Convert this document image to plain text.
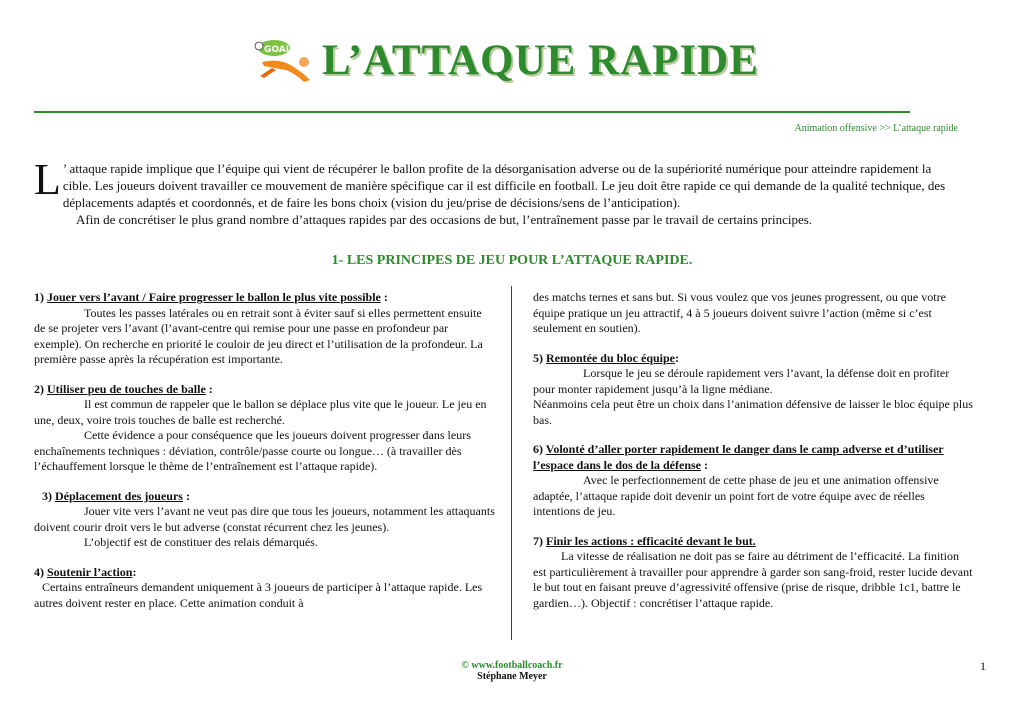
GOAL L’ATTAQUE RAPIDE
Animation offensive >> L’attaque rapide
L ’ attaque rapide implique que l’équipe qui vient de récupérer le ballon profite de la désorganisation adverse ou de la supériorité numérique pour atteindre rapidement la cible. Les joueurs doivent travailler ce mouvement de manière spécifique car il est difficile en football. Le jeu doit être rapide ce qui demande de la qualité technique, des déplacements adaptés et coordonnés, et de faire les bons choix (vision du jeu/prise de décisions/sens de l’anticipation).

Afin de concrétiser le plus grand nombre d’attaques rapides par des occasions de but, l’entraînement passe par le travail de certains principes.

1- LES PRINCIPES DE JEU POUR L’ATTAQUE RAPIDE.
1) Jouer vers l’avant / Faire progresser le ballon le plus vite possible :

Toutes les passes latérales ou en retrait sont à éviter sauf si elles permettent ensuite de se projeter vers l’avant (l’avant-centre qui remise pour une passe en profondeur par exemple). On recherche en priorité le couloir de jeu direct et l’utilisation de la profondeur. La première passe après la récupération est importante.

2) Utiliser peu de touches de balle :

Il est commun de rappeler que le ballon se déplace plus vite que le joueur. Le jeu en une, deux, voire trois touches de balle est recherché.

Cette évidence a pour conséquence que les joueurs doivent progresser dans leurs enchaînements techniques : déviation, contrôle/passe courte ou longue… (à travailler dès l’échauffement lorsque le thème de l’entraînement est l’attaque rapide).

3) Déplacement des joueurs :

Jouer vite vers l’avant ne veut pas dire que tous les joueurs, notamment les attaquants doivent courir droit vers le but adverse (constat récurrent chez les jeunes).

L’objectif est de constituer des relais démarqués.

4) Soutenir l’action:

Certains entraîneurs demandent uniquement à 3 joueurs de participer à l’attaque rapide. Les autres doivent rester en place. Cette animation conduit à

des matchs ternes et sans but. Si vous voulez que vos jeunes progressent, ou que votre équipe pratique un jeu attractif, 4 à 5 joueurs doivent suivre l’action (même si c’est seulement en soutien).

5) Remontée du bloc équipe:

Lorsque le jeu se déroule rapidement vers l’avant, la défense doit en profiter pour monter rapidement jusqu’à la ligne médiane.

Néanmoins cela peut être un choix dans l’animation défensive de laisser le bloc équipe plus bas.

6) Volonté d’aller porter rapidement le danger dans le camp adverse et d’utiliser l’espace dans le dos de la défense :

Avec le perfectionnement de cette phase de jeu et une animation offensive adaptée, l’attaque rapide doit devenir un point fort de votre équipe avec de réelles intentions de jeu.

7) Finir les actions : efficacité devant le but.

La vitesse de réalisation ne doit pas se faire au détriment de l’efficacité. La finition est particulièrement à travailler pour apprendre à garder son sang-froid, rester lucide devant le but tout en faisant preuve d’agressivité offensive (prise de risque, dribble 1c1, battre le gardien…). Objectif : concrétiser l’attaque rapide.

© www.footballcoach.fr
Stéphane Meyer
1
